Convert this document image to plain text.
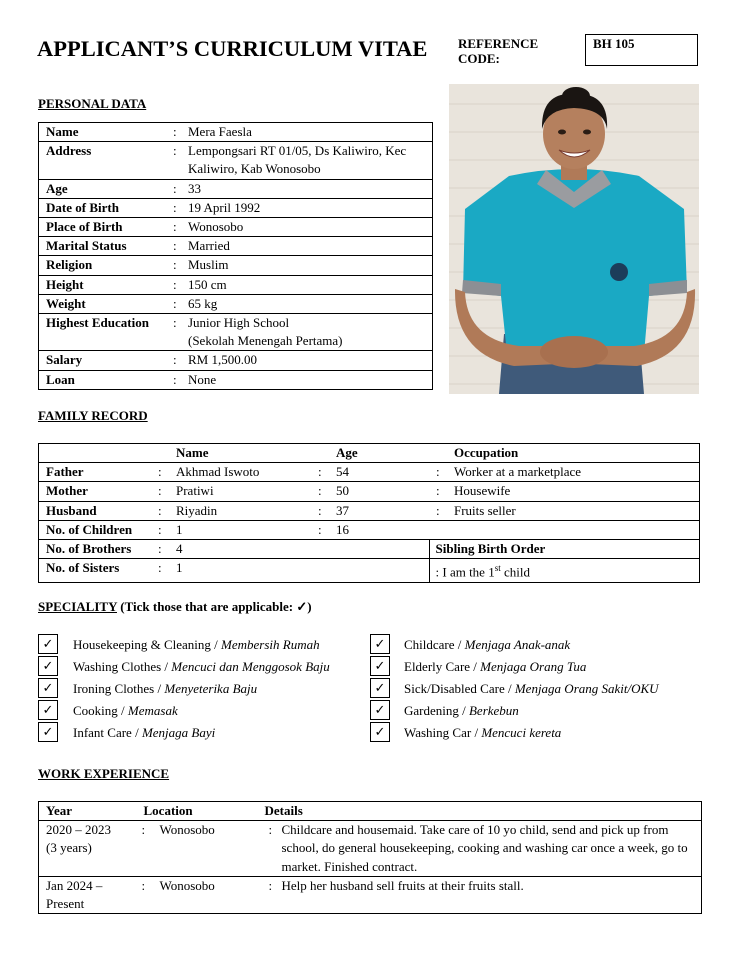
APPLICANT’S CURRICULUM VITAE REFERENCE
CODE:
BH 105
PERSONAL DATA
Name	:	Mera Faesla

Address	:	Lempongsari RT 01/05, Ds Kaliwiro, Kec
Kaliwiro, Kab Wonosobo

Age	:	33

Date of Birth	:	19 April 1992

Place of Birth	:	Wonosobo

Marital Status	:	Married

Religion	:	Muslim

Height	:	150 cm

Weight	:	65 kg

Highest Education	:	Junior High School
(Sekolah Menengah Pertama)

Salary	:	RM 1,500.00

Loan	:	None
FAMILY RECORD
		Name		Age		Occupation
Father	:	Akhmad Iswoto	:	54	:	Worker at a marketplace
Mother	:	Pratiwi	:	50	:	Housewife
Husband	:	Riyadin	:	37	:	Fruits seller
No. of Children	:	1	:	16		
No. of Brothers	:	4			Sibling Birth Order	
No. of Sisters	:	1			: I am the 1st child	
SPECIALITY (Tick those that are applicable: ✓)
✓	Housekeeping & Cleaning / Membersih Rumah
✓	Washing Clothes / Mencuci dan Menggosok Baju
✓	Ironing Clothes / Menyeterika Baju
✓	Cooking / Memasak
✓	Infant Care / Menjaga Bayi
✓	Childcare / Menjaga Anak-anak
✓	Elderly Care / Menjaga Orang Tua
✓	Sick/Disabled Care / Menjaga Orang Sakit/OKU
✓	Gardening / Berkebun
✓	Washing Car / Mencuci kereta
WORK EXPERIENCE
Year	Location		Details	

2020 – 2023
(3 years)	:	Wonosobo	:	Childcare and housemaid. Take care of 10 yo child, send and pick up from school, do general housekeeping, cooking and washing car once a week, go to market. Finished contract.

Jan 2024 –
Present	:	Wonosobo	:	Help her husband sell fruits at their fruits stall.
